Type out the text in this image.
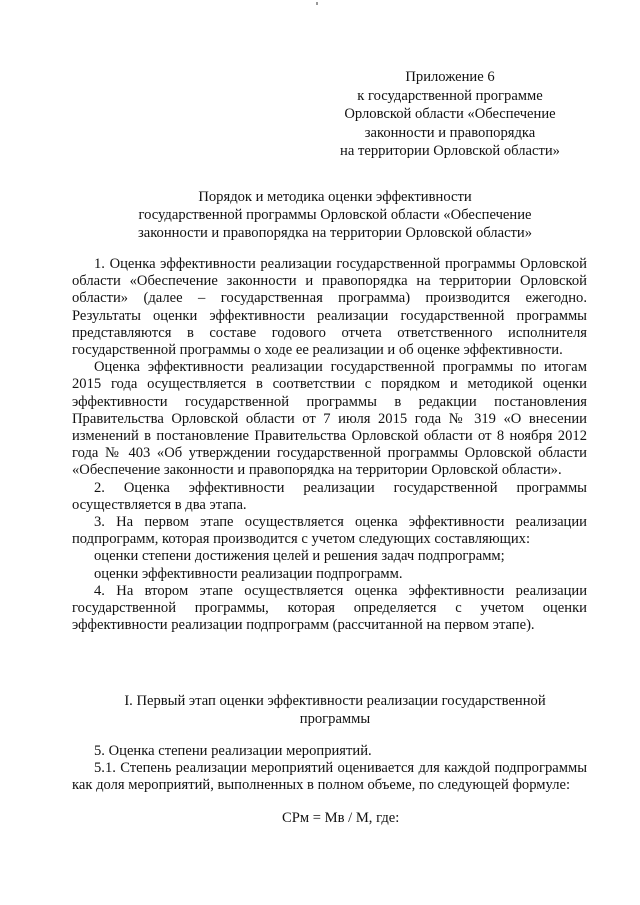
Приложение 6
к государственной программе
Орловской области «Обеспечение
законности и правопорядка
на территории Орловской области»
Порядок и методика оценки эффективности
государственной программы Орловской области «Обеспечение
законности и правопорядка на территории Орловской области»

1. Оценка эффективности реализации государственной программы Орловской области «Обеспечение законности и правопорядка на территории Орловской области» (далее – государственная программа) производится ежегодно. Результаты оценки эффективности реализации государственной программы представляются в составе годового отчета ответственного исполнителя государственной программы о ходе ее реализации и об оценке эффективности.

Оценка эффективности реализации государственной программы по итогам 2015 года осуществляется в соответствии с порядком и методикой оценки эффективности государственной программы в редакции постановления Правительства Орловской области от 7 июля 2015 года № 319 «О внесении изменений в постановление Правительства Орловской области от 8 ноября 2012 года № 403 «Об утверждении государственной программы Орловской области «Обеспечение законности и правопорядка на территории Орловской области».

2. Оценка эффективности реализации государственной программы осуществляется в два этапа.

3. На первом этапе осуществляется оценка эффективности реализации подпрограмм, которая производится с учетом следующих составляющих:

оценки степени достижения целей и решения задач подпрограмм;

оценки эффективности реализации подпрограмм.

4. На втором этапе осуществляется оценка эффективности реализации государственной программы, которая определяется с учетом оценки эффективности реализации подпрограмм (рассчитанной на первом этапе).

I. Первый этап оценки эффективности реализации государственной
программы

5. Оценка степени реализации мероприятий.

5.1. Степень реализации мероприятий оценивается для каждой подпрограммы как доля мероприятий, выполненных в полном объеме, по следующей формуле:

СРм = Мв / М, где:
